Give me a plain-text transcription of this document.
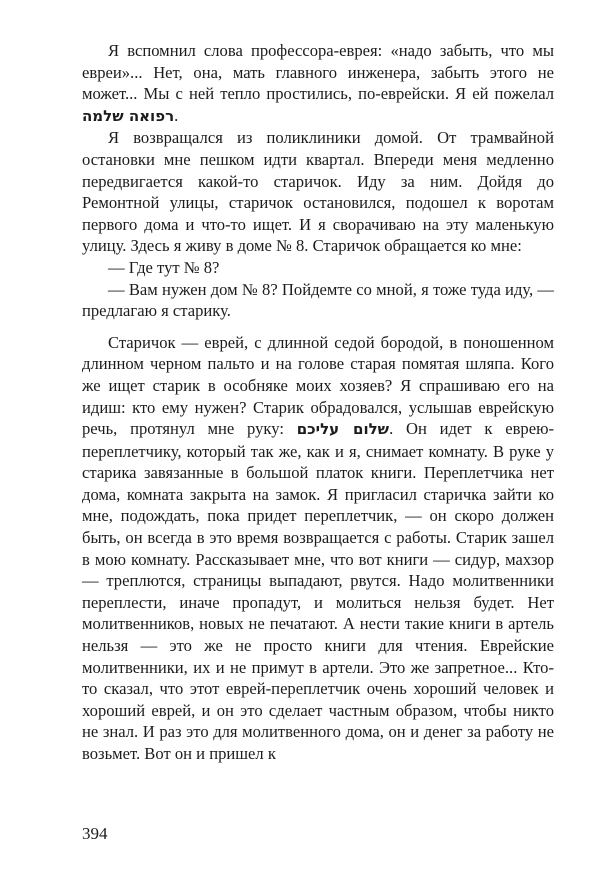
Я вспомнил слова профессора-еврея: «надо забыть, что мы евреи»... Нет, она, мать главного инженера, забыть этого не может... Мы с ней тепло простились, по-еврейски. Я ей пожелал רפואה שלמה.

Я возвращался из поликлиники домой. От трамвайной остановки мне пешком идти квартал. Впереди меня медленно передвигается какой-то старичок. Иду за ним. Дойдя до Ремонтной улицы, старичок остановился, подошел к воротам первого дома и что-то ищет. И я сворачиваю на эту маленькую улицу. Здесь я живу в доме № 8. Старичок обращается ко мне:

— Где тут № 8?

— Вам нужен дом № 8? Пойдемте со мной, я тоже туда иду, — предлагаю я старику.

Старичок — еврей, с длинной седой бородой, в поношенном длинном черном пальто и на голове старая помятая шляпа. Кого же ищет старик в особняке моих хозяев? Я спрашиваю его на идиш: кто ему нужен? Старик обрадовался, услышав еврейскую речь, протянул мне руку: שלום עליכם. Он идет к еврею-переплетчику, который так же, как и я, снимает комнату. В руке у старика завязанные в большой платок книги. Переплетчика нет дома, комната закрыта на замок. Я пригласил старичка зайти ко мне, подождать, пока придет переплетчик, — он скоро должен быть, он всегда в это время возвращается с работы. Старик зашел в мою комнату. Рассказывает мне, что вот книги — сидур, махзор — треплются, страницы выпадают, рвутся. Надо молитвенники переплести, иначе пропадут, и молиться нельзя будет. Нет молитвенников, новых не печатают. А нести такие книги в артель нельзя — это же не просто книги для чтения. Еврейские молитвенники, их и не примут в артели. Это же запретное... Кто-то сказал, что этот еврей-переплетчик очень хороший человек и хороший еврей, и он это сделает частным образом, чтобы никто не знал. И раз это для молитвенного дома, он и денег за работу не возьмет. Вот он и пришел к

394
